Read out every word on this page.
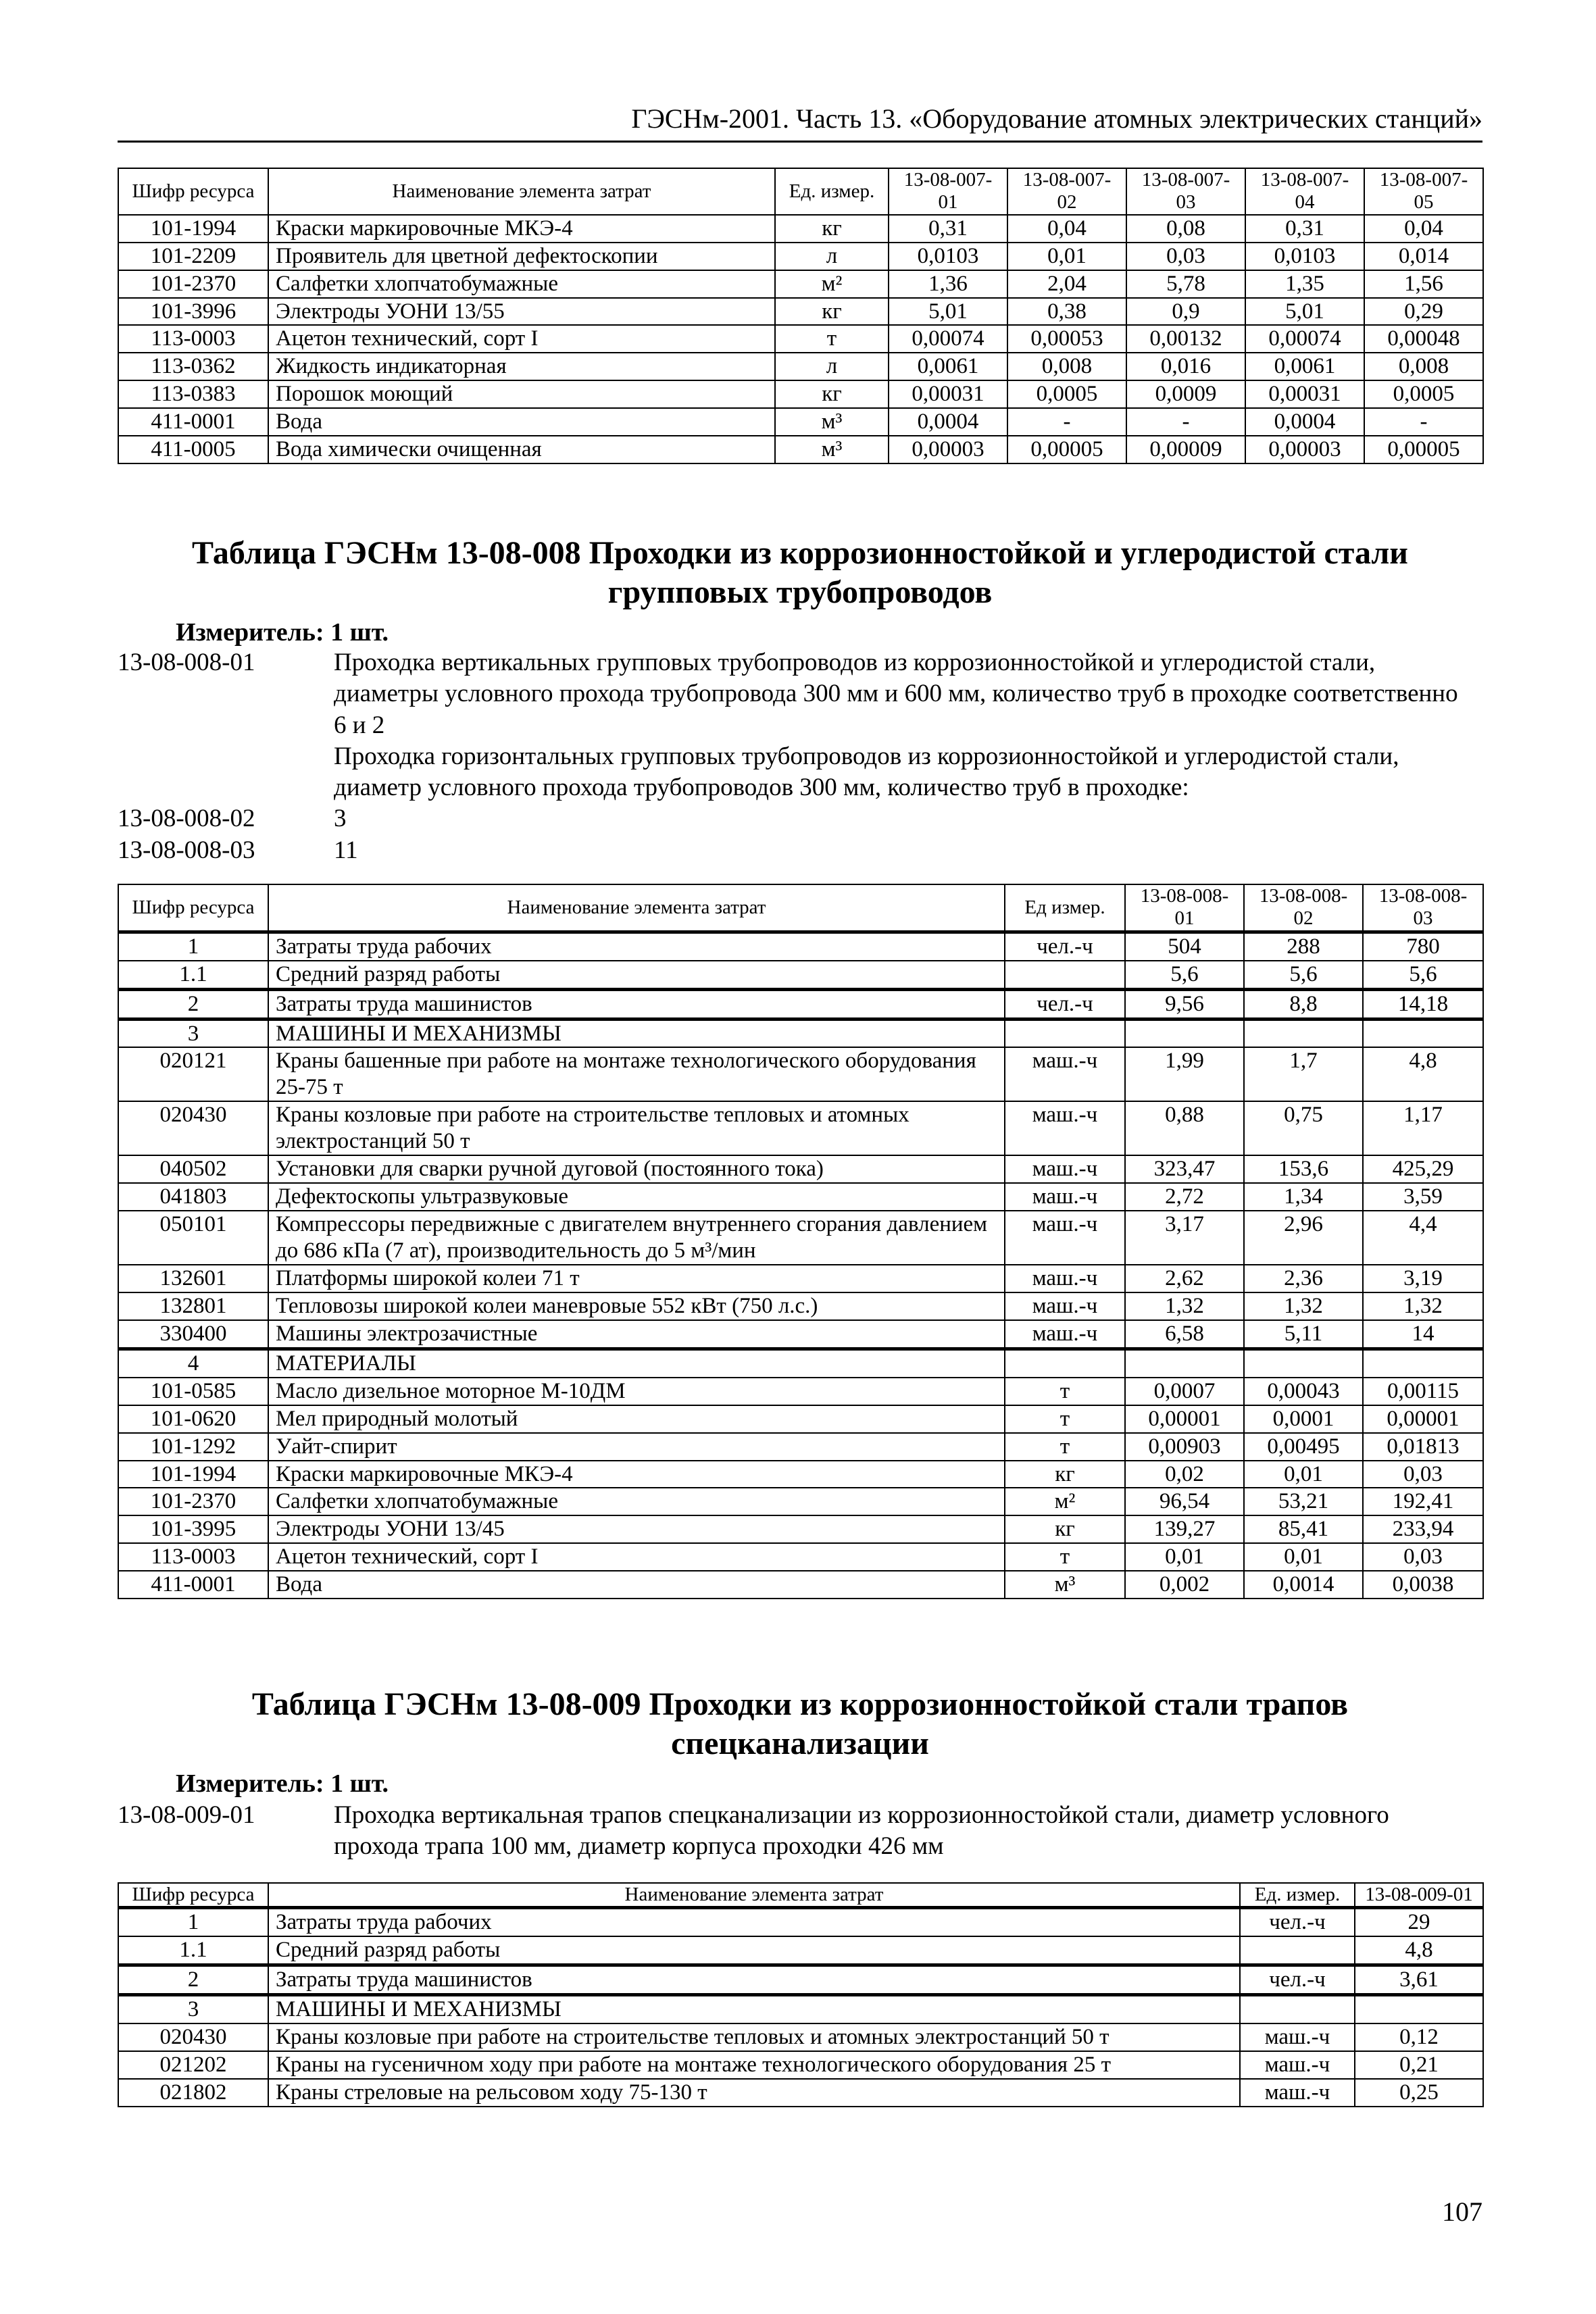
ГЭСНм-2001. Часть 13. «Оборудование атомных электрических станций»
Шифр ресурса	Наименование элемента затрат	Ед. измер.	13-08-007-01	13-08-007-02	13-08-007-03	13-08-007-04	13-08-007-05
101-1994	Краски маркировочные МКЭ-4	кг	0,31	0,04	0,08	0,31	0,04
101-2209	Проявитель для цветной дефектоскопии	л	0,0103	0,01	0,03	0,0103	0,014
101-2370	Салфетки хлопчатобумажные	м²	1,36	2,04	5,78	1,35	1,56
101-3996	Электроды УОНИ 13/55	кг	5,01	0,38	0,9	5,01	0,29
113-0003	Ацетон технический, сорт I	т	0,00074	0,00053	0,00132	0,00074	0,00048
113-0362	Жидкость индикаторная	л	0,0061	0,008	0,016	0,0061	0,008
113-0383	Порошок моющий	кг	0,00031	0,0005	0,0009	0,00031	0,0005
411-0001	Вода	м³	0,0004	-	-	0,0004	-
411-0005	Вода химически очищенная	м³	0,00003	0,00005	0,00009	0,00003	0,00005
Таблица ГЭСНм 13-08-008 Проходки из коррозионностойкой и углеродистой стали
групповых трубопроводов
Измеритель: 1 шт.
13-08-008-01	Проходка вертикальных групповых трубопроводов из коррозионностойкой и углеродистой стали, диаметры условного прохода трубопровода 300 мм и 600 мм, количество труб в проходке соответственно 6 и 2
Проходка горизонтальных групповых трубопроводов из коррозионностойкой и углеродистой стали, диаметр условного прохода трубопроводов 300 мм, количество труб в проходке:
13-08-008-02	3
13-08-008-03	11
Шифр ресурса	Наименование элемента затрат	Ед измер.	13-08-008-01	13-08-008-02	13-08-008-03
1	Затраты труда рабочих	чел.-ч	504	288	780
1.1	Средний разряд работы		5,6	5,6	5,6
2	Затраты труда машинистов	чел.-ч	9,56	8,8	14,18
3	МАШИНЫ И МЕХАНИЗМЫ				
020121	Краны башенные при работе на монтаже технологического оборудования 25-75 т	маш.-ч	1,99	1,7	4,8
020430	Краны козловые при работе на строительстве тепловых и атомных электростанций 50 т	маш.-ч	0,88	0,75	1,17
040502	Установки для сварки ручной дуговой (постоянного тока)	маш.-ч	323,47	153,6	425,29
041803	Дефектоскопы ультразвуковые	маш.-ч	2,72	1,34	3,59
050101	Компрессоры передвижные с двигателем внутреннего сгорания давлением до 686 кПа (7 ат), производительность до 5 м³/мин	маш.-ч	3,17	2,96	4,4
132601	Платформы широкой колеи 71 т	маш.-ч	2,62	2,36	3,19
132801	Тепловозы широкой колеи маневровые 552 кВт (750 л.с.)	маш.-ч	1,32	1,32	1,32
330400	Машины электрозачистные	маш.-ч	6,58	5,11	14
4	МАТЕРИАЛЫ				
101-0585	Масло дизельное моторное М-10ДМ	т	0,0007	0,00043	0,00115
101-0620	Мел природный молотый	т	0,00001	0,0001	0,00001
101-1292	Уайт-спирит	т	0,00903	0,00495	0,01813
101-1994	Краски маркировочные МКЭ-4	кг	0,02	0,01	0,03
101-2370	Салфетки хлопчатобумажные	м²	96,54	53,21	192,41
101-3995	Электроды УОНИ 13/45	кг	139,27	85,41	233,94
113-0003	Ацетон технический, сорт I	т	0,01	0,01	0,03
411-0001	Вода	м³	0,002	0,0014	0,0038
Таблица ГЭСНм 13-08-009 Проходки из коррозионностойкой стали трапов
спецканализации
Измеритель: 1 шт.
13-08-009-01	Проходка вертикальная трапов спецканализации из коррозионностойкой стали, диаметр условного прохода трапа 100 мм, диаметр корпуса проходки 426 мм
Шифр ресурса	Наименование элемента затрат	Ед. измер.	13-08-009-01
1	Затраты труда рабочих	чел.-ч	29
1.1	Средний разряд работы		4,8
2	Затраты труда машинистов	чел.-ч	3,61
3	МАШИНЫ И МЕХАНИЗМЫ		
020430	Краны козловые при работе на строительстве тепловых и атомных электростанций 50 т	маш.-ч	0,12
021202	Краны на гусеничном ходу при работе на монтаже технологического оборудования 25 т	маш.-ч	0,21
021802	Краны стреловые на рельсовом ходу 75-130 т	маш.-ч	0,25
107
